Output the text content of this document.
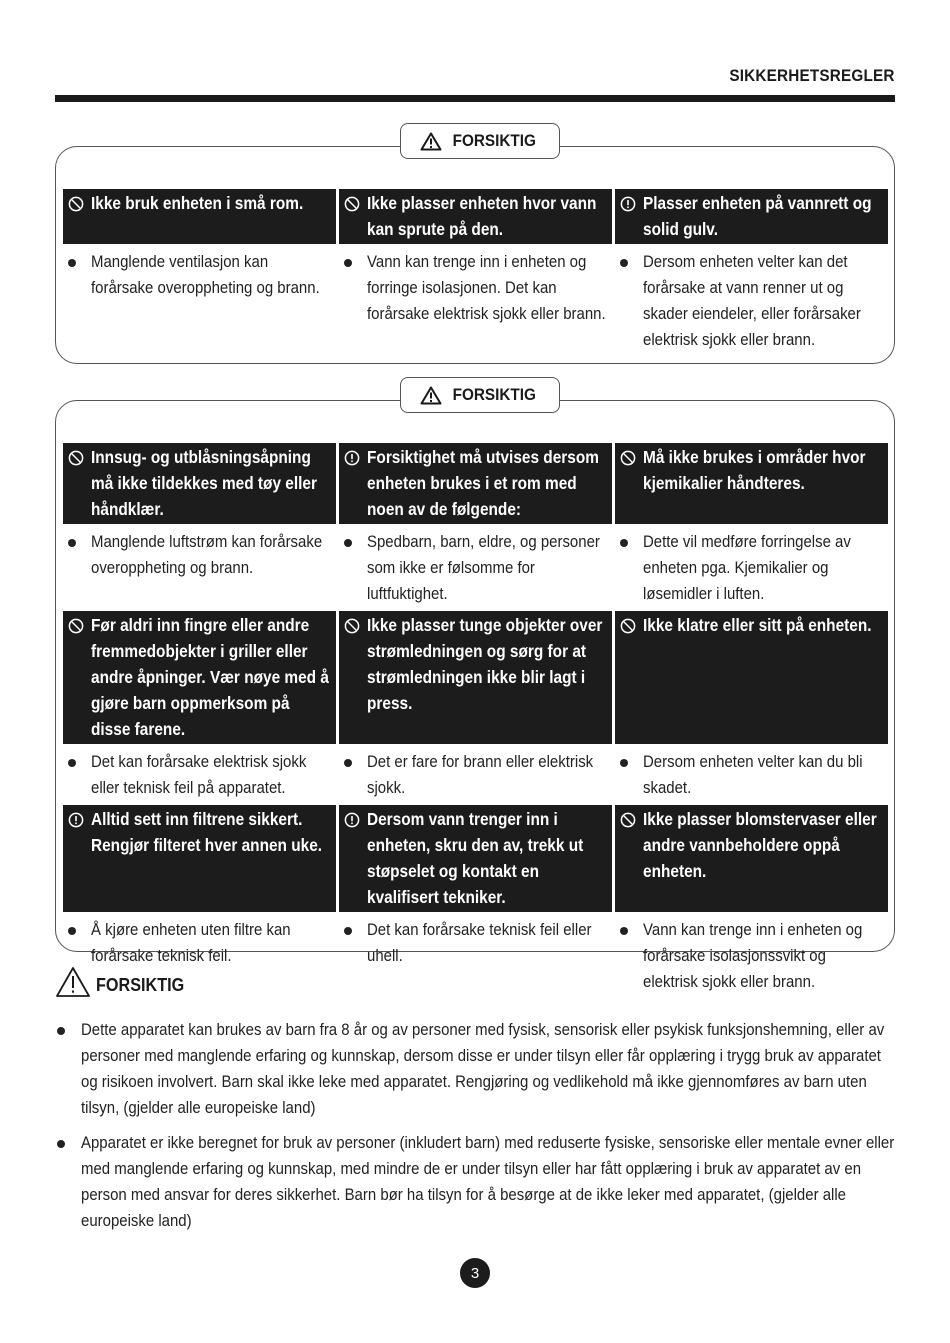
SIKKERHETSREGLER
FORSIKTIG
Ikke bruk enheten i små rom.	Ikke plasser enheten hvor vann kan sprute på den.
Plasser enheten på vannrett og solid gulv.
Manglende ventilasjon kan forårsake overoppheting og brann.
Vann kan trenge inn i enheten og forringe isolasjonen. Det kan forårsake elektrisk sjokk eller brann.
Dersom enheten velter kan det forårsake at vann renner ut og skader eiendeler, eller forårsaker elektrisk sjokk eller brann.
FORSIKTIG
Innsug- og utblåsningsåpning må ikke tildekkes med tøy eller håndklær.
Forsiktighet må utvises dersom enheten brukes i et rom med noen av de følgende:
Må ikke brukes i områder hvor kjemikalier håndteres.
Manglende luftstrøm kan forårsake overoppheting og brann.
Spedbarn, barn, eldre, og personer som ikke er følsomme for luftfuktighet.
Dette vil medføre forringelse av enheten pga. Kjemikalier og løsemidler i luften.
Før aldri inn fingre eller andre fremmedobjekter i griller eller andre åpninger. Vær nøye med å gjøre barn oppmerksom på disse farene.
Ikke plasser tunge objekter over strømledningen og sørg for at strømledningen ikke blir lagt i press.
Ikke klatre eller sitt på enheten.
Det kan forårsake elektrisk sjokk eller teknisk feil på apparatet.
Det er fare for brann eller elektrisk sjokk.
Dersom enheten velter kan du bli skadet.
Alltid sett inn filtrene sikkert. Rengjør filteret hver annen uke.
Dersom vann trenger inn i enheten, skru den av, trekk ut støpselet og kontakt en kvalifisert tekniker.
Ikke plasser blomstervaser eller andre vannbeholdere oppå enheten.
Å kjøre enheten uten filtre kan forårsake teknisk feil.
Det kan forårsake teknisk feil eller uhell.
Vann kan trenge inn i enheten og forårsake isolasjonssvikt og elektrisk sjokk eller brann.
FORSIKTIG
Dette apparatet kan brukes av barn fra 8 år og av personer med fysisk, sensorisk eller psykisk funksjonshemning, eller av personer med manglende erfaring og kunnskap, dersom disse er under tilsyn eller får opplæring i trygg bruk av apparatet og risikoen involvert. Barn skal ikke leke med apparatet. Rengjøring og vedlikehold må ikke gjennomføres av barn uten tilsyn, (gjelder alle europeiske land)
Apparatet er ikke beregnet for bruk av personer (inkludert barn) med reduserte fysiske, sensoriske eller mentale evner eller med manglende erfaring og kunnskap, med mindre de er under tilsyn eller har fått opplæring i bruk av apparatet av en person med ansvar for deres sikkerhet. Barn bør ha tilsyn for å besørge at de ikke leker med apparatet, (gjelder alle europeiske land)
3
